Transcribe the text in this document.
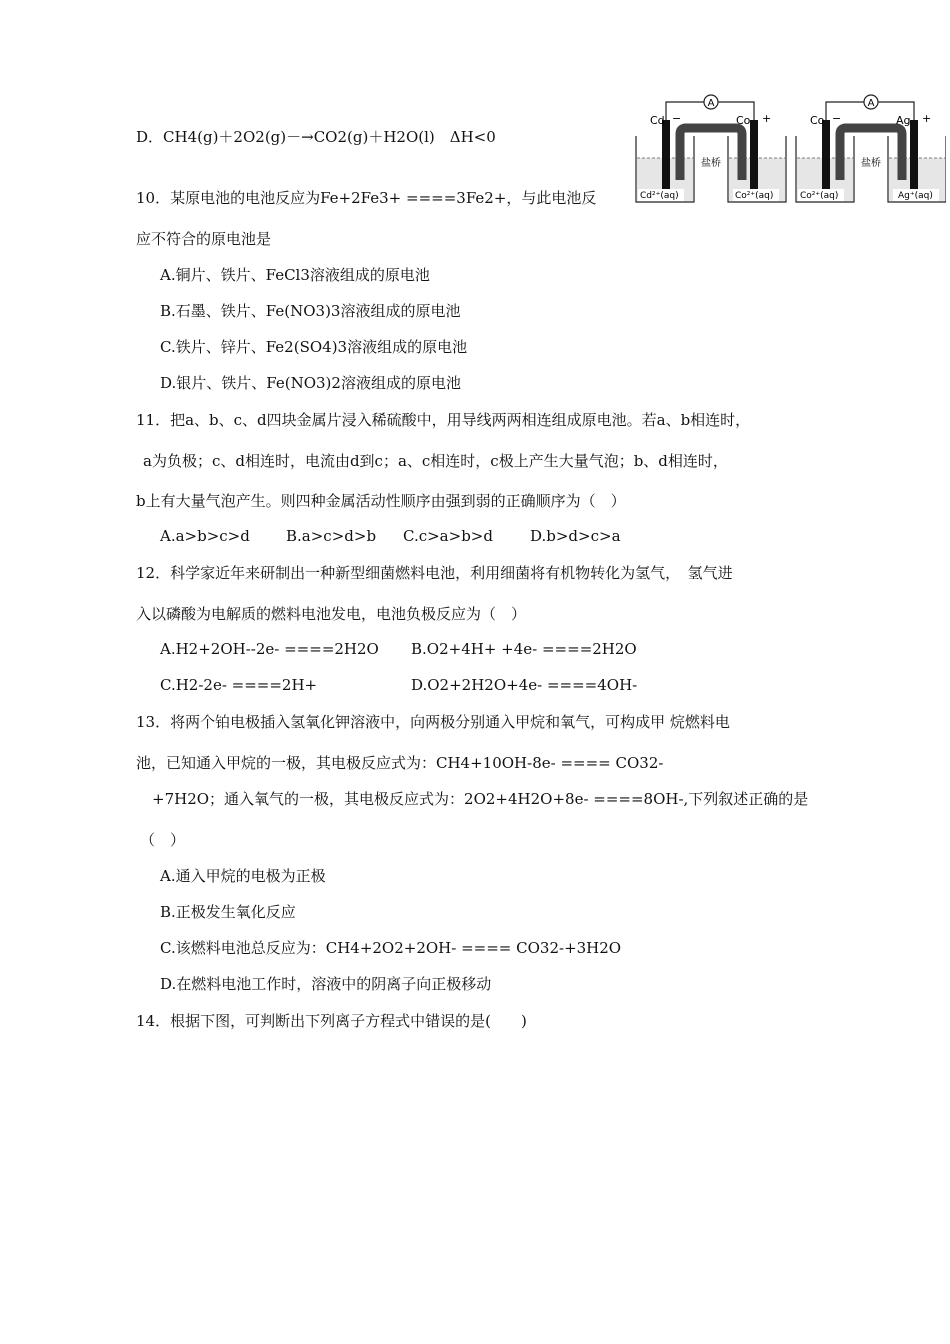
D．CH4(g)＋2O2(g)－→CO2(g)＋H2O(l)　ΔH<0
A
盐桥
Cd −	Co +
Cd²⁺(aq)	Co²⁺(aq)
A
盐桥
Co −	Ag +
Co²⁺(aq)	Ag⁺(aq)
10．某原电池的电池反应为Fe+2Fe3+ ====3Fe2+，与此电池反
应不符合的原电池是
A.铜片、铁片、FeCl3溶液组成的原电池
B.石墨、铁片、Fe(NO3)3溶液组成的原电池
C.铁片、锌片、Fe2(SO4)3溶液组成的原电池
D.银片、铁片、Fe(NO3)2溶液组成的原电池
11．把a、b、c、d四块金属片浸入稀硫酸中，用导线两两相连组成原电池。若a、b相连时，
a为负极；c、d相连时，电流由d到c；a、c相连时，c极上产生大量气泡；b、d相连时，
b上有大量气泡产生。则四种金属活动性顺序由强到弱的正确顺序为（　）
A.a>b>c>d B.a>c>d>b C.c>a>b>d D.b>d>c>a
12．科学家近年来研制出一种新型细菌燃料电池，利用细菌将有机物转化为氢气，　氢气进
入以磷酸为电解质的燃料电池发电，电池负极反应为（　）
A.H2+2OH--2e- ====2H2O B.O2+4H+ +4e- ====2H2O
C.H2-2e- ====2H+	D.O2+2H2O+4e- ====4OH-
13．将两个铂电极插入氢氧化钾溶液中，向两极分别通入甲烷和氧气，可构成甲 烷燃料电
池，已知通入甲烷的一极，其电极反应式为：CH4+10OH-8e- ==== CO32-
+7H2O；通入氧气的一极，其电极反应式为：2O2+4H2O+8e- ====8OH-,下列叙述正确的是
（　）
A.通入甲烷的电极为正极
B.正极发生氧化反应
C.该燃料电池总反应为：CH4+2O2+2OH- ==== CO32-+3H2O
D.在燃料电池工作时，溶液中的阴离子向正极移动
14．根据下图，可判断出下列离子方程式中错误的是(　　)
